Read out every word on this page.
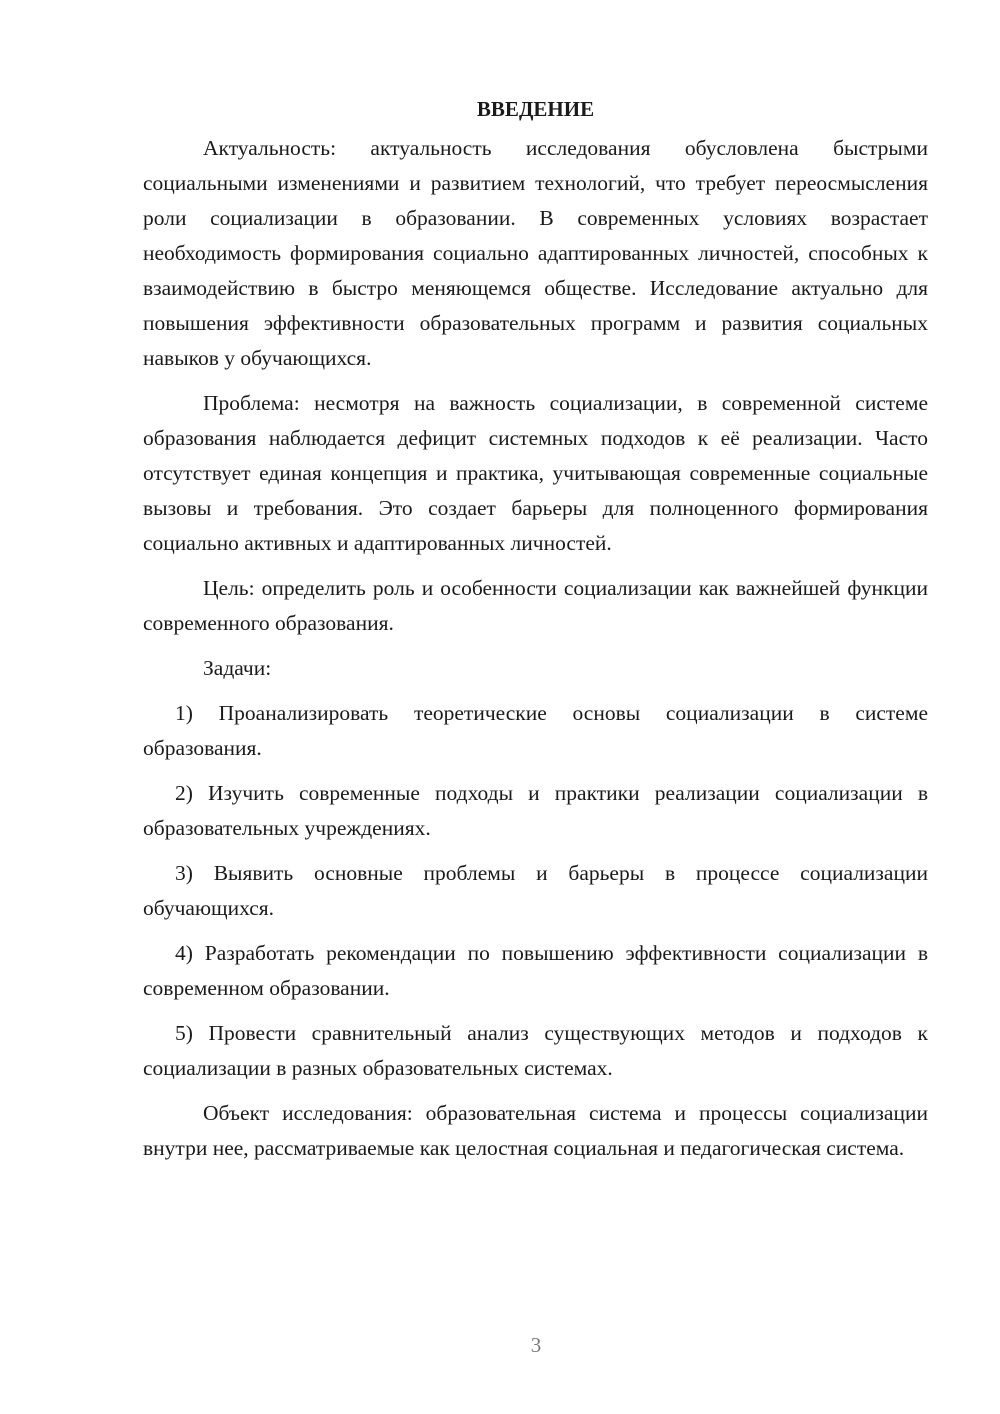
ВВЕДЕНИЕ

Актуальность: актуальность исследования обусловлена быстрыми социальными изменениями и развитием технологий, что требует переосмысления роли социализации в образовании. В современных условиях возрастает необходимость формирования социально адаптированных личностей, способных к взаимодействию в быстро меняющемся обществе. Исследование актуально для повышения эффективности образовательных программ и развития социальных навыков у обучающихся.

Проблема: несмотря на важность социализации, в современной системе образования наблюдается дефицит системных подходов к её реализации. Часто отсутствует единая концепция и практика, учитывающая современные социальные вызовы и требования. Это создает барьеры для полноценного формирования социально активных и адаптированных личностей.

Цель: определить роль и особенности социализации как важнейшей функции современного образования.

Задачи:

1) Проанализировать теоретические основы социализации в системе образования.

2) Изучить современные подходы и практики реализации социализации в образовательных учреждениях.

3) Выявить основные проблемы и барьеры в процессе социализации обучающихся.

4) Разработать рекомендации по повышению эффективности социализации в современном образовании.

5) Провести сравнительный анализ существующих методов и подходов к социализации в разных образовательных системах.

Объект исследования: образовательная система и процессы социализации внутри нее, рассматриваемые как целостная социальная и педагогическая система.

3
